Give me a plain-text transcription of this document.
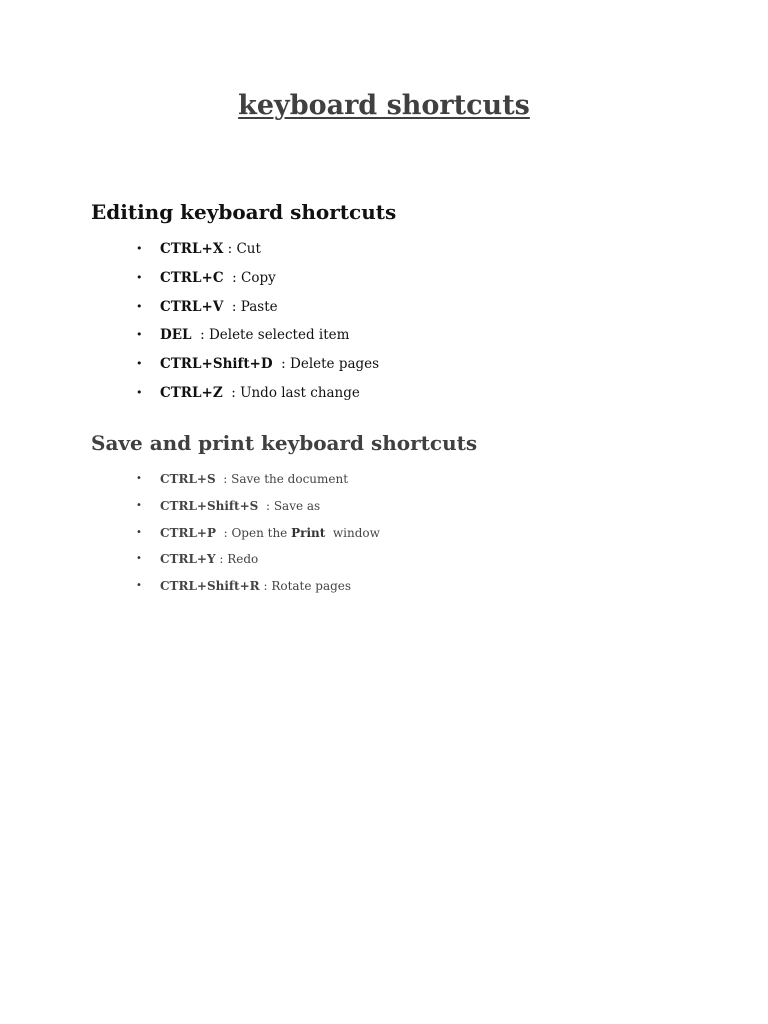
keyboard shortcuts
Editing keyboard shortcuts
• CTRL+X : Cut
• CTRL+C  : Copy
• CTRL+V  : Paste
• DEL  : Delete selected item
• CTRL+Shift+D  : Delete pages
• CTRL+Z  : Undo last change
Save and print keyboard shortcuts
• CTRL+S  : Save the document
• CTRL+Shift+S  : Save as
• CTRL+P  : Open the Print  window
• CTRL+Y : Redo
• CTRL+Shift+R : Rotate pages
